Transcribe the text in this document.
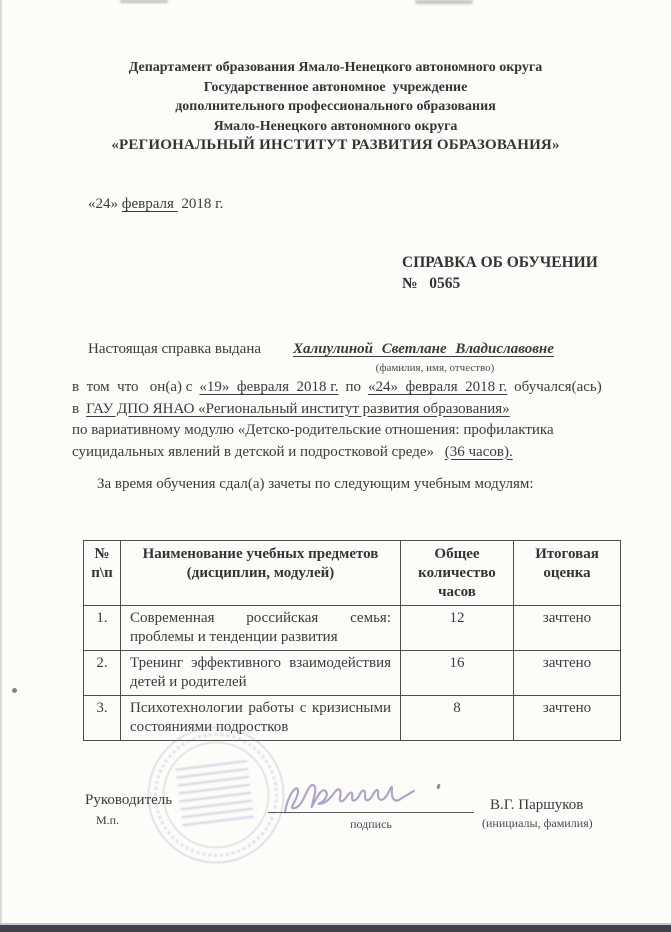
Департамент образования Ямало-Ненецкого автономного округа
Государственное автономное  учреждение
дополнительного профессионального образования
Ямало-Ненецкого автономного округа
«РЕГИОНАЛЬНЫЙ ИНСТИТУТ РАЗВИТИЯ ОБРАЗОВАНИЯ»
«24» февраля  2018 г.
СПРАВКА ОБ ОБУЧЕНИИ
№   0565
Настоящая справка выдана Халиулиной Светлане Владиславовне
(фамилия, имя, отчество)
в  том  что   он(а) с «19»  февраля  2018 г. по «24»  февраля  2018 г. обучался(ась)
в ГАУ ДПО ЯНАО «Региональный институт развития образования»
по вариативному модулю «Детско-родительские отношения: профилактика
суицидальных явлений в детской и подростковой среде» (36 часов).
За время обучения сдал(а) зачеты по следующим учебным модулям:
№ п\п	Наименование учебных предметов (дисциплин, модулей)	Общее количество часов	Итоговая оценка
1.	Современная российская семья: проблемы и тенденции развития	12	зачтено
2.	Тренинг эффективного взаимодействия детей и родителей	16	зачтено
3.	Психотехнологии работы с кризисными состояниями подростков	8	зачтено
Руководитель
М.п.	подпись
В.Г. Паршуков
(инициалы, фамилия)
